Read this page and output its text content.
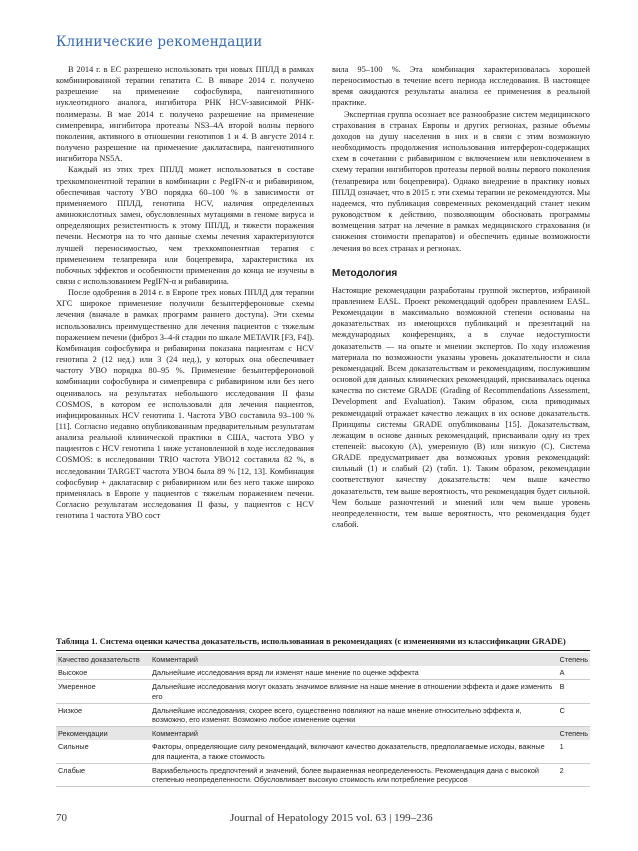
Клинические рекомендации

В 2014 г. в ЕС разрешено использовать три новых ППЛД в рамках комбинированной терапии гепатита С. В январе 2014 г. получено разрешение на применение софосбувира, пангенотипного нуклеотидного аналога, ингибитора РНК HCV-зависимой РНК-полимеразы. В мае 2014 г. получено разрешение на применение симепревира, ингибитора протеазы NS3–4A второй волны первого поколения, активного в отношении генотипов 1 и 4. В августе 2014 г. получено разрешение на применение даклатасвира, пангенотипного ингибитора NS5A.

Каждый из этих трех ППЛД может использоваться в составе трехкомпонентной терапии в комбинации с PegIFN-α и рибавирином, обеспечивая частоту УВО порядка 60–100 % в зависимости от применяемого ППЛД, генотипа HCV, наличия определенных аминокислотных замен, обусловленных мутациями в геноме вируса и определяющих резистентность к этому ППЛД, и тяжести поражения печени. Несмотря на то что данные схемы лечения характеризуются лучшей переносимостью, чем трехкомпонентная терапия с применением телапревира или боцепревира, характеристика их побочных эффектов и особенности применения до конца не изучены в связи с использованием PegIFN-α и рибавирина.

После одобрения в 2014 г. в Европе трех новых ППЛД для терапии ХГС широкое применение получили безынтерфероновые схемы лечения (вначале в рамках программ раннего доступа). Эти схемы использовались преимущественно для лечения пациентов с тяжелым поражением печени (фиброз 3–4-й стадии по шкале METAVIR [F3, F4]). Комбинация софосбувира и рибавирина показана пациентам с HCV генотипа 2 (12 нед.) или 3 (24 нед.), у которых она обеспечивает частоту УВО порядка 80–95 %. Применение безынтерфероновой комбинации софосбувира и симепревира с рибавирином или без него оценивалось на результатах небольшого исследования II фазы COSMOS, в котором ее использовали для лечения пациентов, инфицированных HCV генотипа 1. Частота УВО составила 93–100 % [11]. Согласно недавно опубликованным предварительным результатам анализа реальной клинической практики в США, частота УВО у пациентов с HCV генотипа 1 ниже установленной в ходе исследования COSMOS: в исследовании TRIO частота УВО12 составила 82 %, в исследовании TARGET частота УВО4 была 89 % [12, 13]. Комбинация софосбувир + даклатасвир с рибавирином или без него также широко применялась в Европе у пациентов с тяжелым поражением печени. Согласно результатам исследования II фазы, у пациентов с HCV генотипа 1 частота УВО сост

вила 95–100 %. Эта комбинация характеризовалась хорошей переносимостью в течение всего периода исследования. В настоящее время ожидаются результаты анализа ее применения в реальной практике.

Экспертная группа осознает все разнообразие систем медицинского страхования в странах Европы и других регионах, разные объемы доходов на душу населения в них и в связи с этим возможную необходимость продолжения использования интерферон-содержащих схем в сочетании с рибавирином с включением или невключением в схему терапии ингибиторов протеазы первой волны первого поколения (телапревира или боцепревира). Однако внедрение в практику новых ППЛД означает, что в 2015 г. эти схемы терапии не рекомендуются. Мы надеемся, что публикация современных рекомендаций станет неким руководством к действию, позволяющим обосновать программы возмещения затрат на лечение в рамках медицинского страхования (и снижения стоимости препаратов) и обеспечить единые возможности лечения во всех странах и регионах.

Методология

Настоящие рекомендации разработаны группой экспертов, избранной правлением EASL. Проект рекомендаций одобрен правлением EASL. Рекомендации в максимально возможной степени основаны на доказательствах из имеющихся публикаций и презентаций на международных конференциях, а в случае недоступности доказательств — на опыте и мнении экспертов. По ходу изложения материала по возможности указаны уровень доказательности и сила рекомендаций. Всем доказательствам и рекомендациям, послужившим основой для данных клинических рекомендаций, присваивалась оценка качества по системе GRADE (Grading of Recommendations Assessment, Development and Evaluation). Таким образом, сила приводимых рекомендаций отражает качество лежащих в их основе доказательств. Принципы системы GRADE опубликованы [15]. Доказательствам, лежащим в основе данных рекомендаций, присваивали одну из трех степеней: высокую (А), умеренную (В) или низкую (С). Система GRADE предусматривает два возможных уровня рекомендаций: сильный (1) и слабый (2) (табл. 1). Таким образом, рекомендации соответствуют качеству доказательств: чем выше качество доказательств, тем выше вероятность, что рекомендация будет сильной. Чем больше разночтений и мнений или чем выше уровень неопределенности, тем выше вероятность, что рекомендация будет слабой.

Таблица 1. Система оценки качества доказательств, использованная в рекомендациях (с изменениями из классификации GRADE)
Качество доказательств	Комментарий	Степень
Высокое	Дальнейшие исследования вряд ли изменят наше мнение по оценке эффекта	A
Умеренное	Дальнейшие исследования могут оказать значимое влияние на наше мнение в отношении эффекта и даже изменить его	B
Низкое	Дальнейшие исследования, скорее всего, существенно повлияют на наше мнение относительно эффекта и, возможно, его изменят. Возможно любое изменение оценки	C
Рекомендации	Комментарий	Степень
Сильные	Факторы, определяющие силу рекомендаций, включают качество доказательств, предполагаемые исходы, важные для пациента, а также стоимость	1
Слабые	Вариабельность предпочтений и значений, более выраженная неопределенность. Рекомендация дана с высокой степенью неопределенности. Обусловливает высокую стоимость или потребление ресурсов	2
70	Journal of Hepatology 2015 vol. 63 | 199–236
